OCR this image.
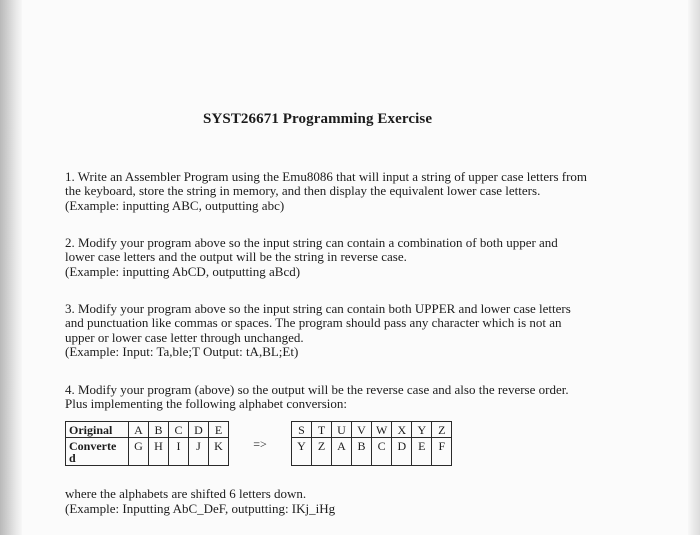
SYST26671 Programming Exercise

1. Write an Assembler Program using the Emu8086 that will input a string of upper case letters from

the keyboard, store the string in memory, and then display the equivalent lower case letters.

(Example: inputting ABC, outputting abc)

2. Modify your program above so the input string can contain a combination of both upper and

lower case letters and the output will be the string in reverse case.

(Example: inputting AbCD, outputting aBcd)

3. Modify your program above so the input string can contain both UPPER and lower case letters

and punctuation like commas or spaces. The program should pass any character which is not an

upper or lower case letter through unchanged.

(Example: Input: Ta,ble;T Output: tA,BL;Et)

4. Modify your program (above) so the output will be the reverse case and also the reverse order.

Plus implementing the following alphabet conversion:

Original	A	B	C	D	E	=>	S	T	U	V	W	X	Y	Z
Converte
d	G	H	I	J	K		Y	Z	A	B	C	D	E	F

where the alphabets are shifted 6 letters down.

(Example: Inputting AbC_DeF, outputting: IKj_iHg
